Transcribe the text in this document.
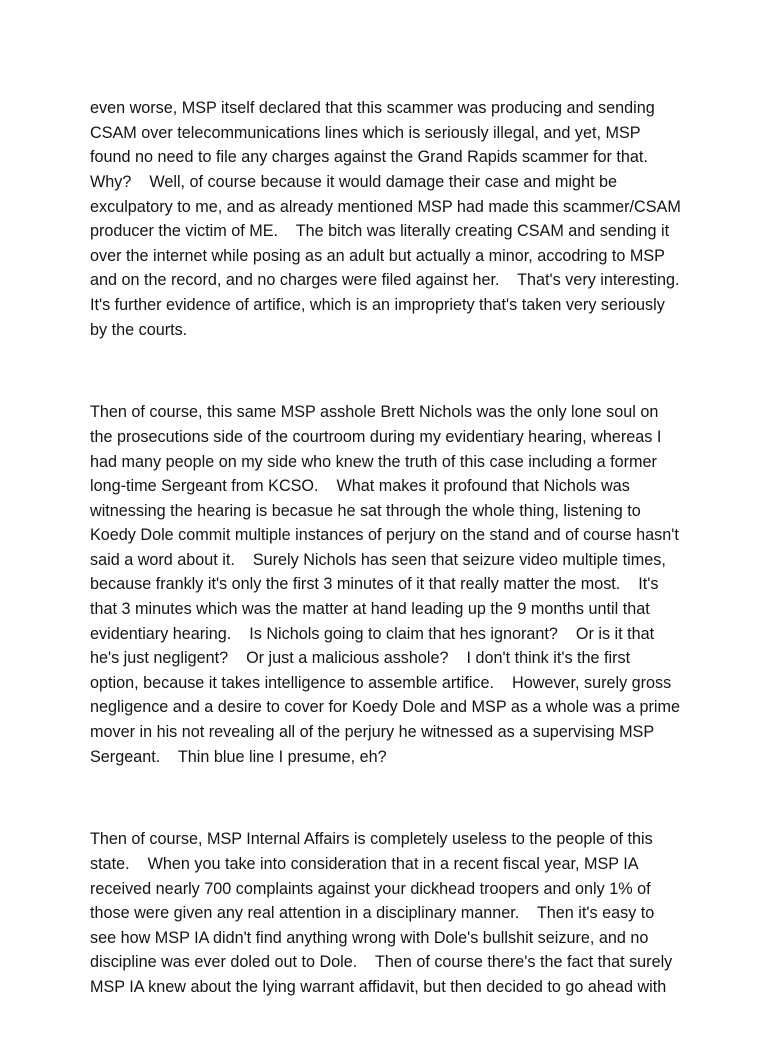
even worse, MSP itself declared that this scammer was producing and sending CSAM over telecommunications lines which is seriously illegal, and yet, MSP found no need to file any charges against the Grand Rapids scammer for that. Why?    Well, of course because it would damage their case and might be exculpatory to me, and as already mentioned MSP had made this scammer/CSAM producer the victim of ME.    The bitch was literally creating CSAM and sending it over the internet while posing as an adult but actually a minor, accodring to MSP and on the record, and no charges were filed against her.    That's very interesting.    It's further evidence of artifice, which is an impropriety that's taken very seriously by the courts.

Then of course, this same MSP asshole Brett Nichols was the only lone soul on the prosecutions side of the courtroom during my evidentiary hearing, whereas I had many people on my side who knew the truth of this case including a former long-time Sergeant from KCSO.    What makes it profound that Nichols was witnessing the hearing is becasue he sat through the whole thing, listening to Koedy Dole commit multiple instances of perjury on the stand and of course hasn't said a word about it.    Surely Nichols has seen that seizure video multiple times, because frankly it's only the first 3 minutes of it that really matter the most.    It's that 3 minutes which was the matter at hand leading up the 9 months until that evidentiary hearing.    Is Nichols going to claim that hes ignorant?    Or is it that he's just negligent?    Or just a malicious asshole?    I don't think it's the first option, because it takes intelligence to assemble artifice.    However, surely gross negligence and a desire to cover for Koedy Dole and MSP as a whole was a prime mover in his not revealing all of the perjury he witnessed as a supervising MSP Sergeant.    Thin blue line I presume, eh?

Then of course, MSP Internal Affairs is completely useless to the people of this state.    When you take into consideration that in a recent fiscal year, MSP IA received nearly 700 complaints against your dickhead troopers and only 1% of those were given any real attention in a disciplinary manner.    Then it's easy to see how MSP IA didn't find anything wrong with Dole's bullshit seizure, and no discipline was ever doled out to Dole.    Then of course there's the fact that surely MSP IA knew about the lying warrant affidavit, but then decided to go ahead with
